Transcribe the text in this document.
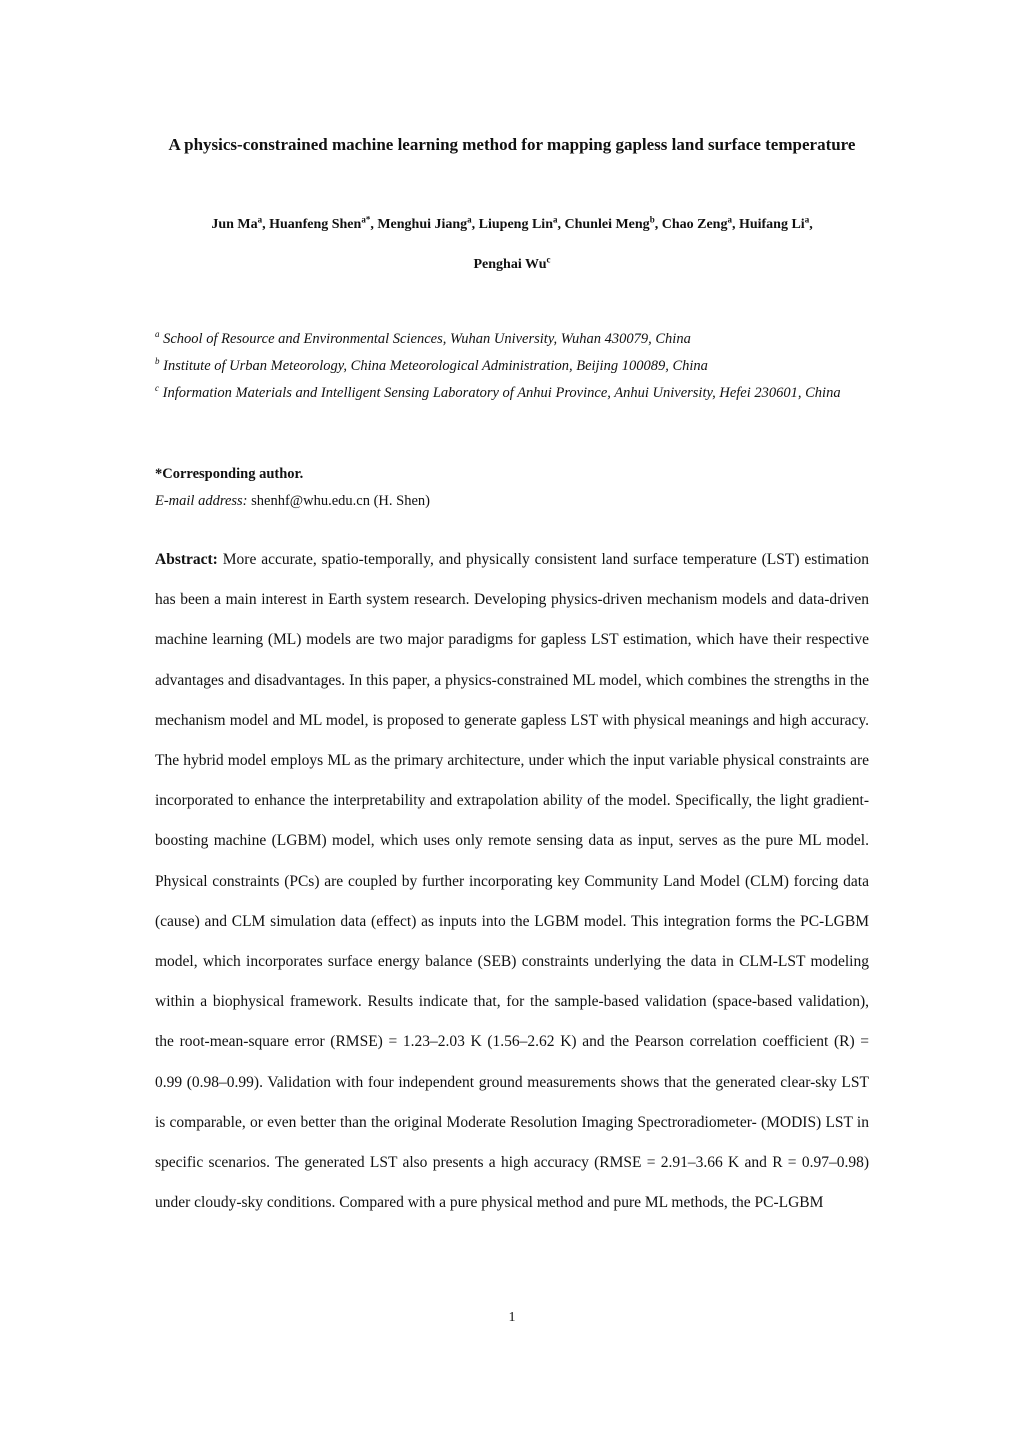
A physics-constrained machine learning method for mapping gapless land surface temperature
Jun Ma$^a$, Huanfeng Shen$^{a*}$, Menghui Jiang$^a$, Liupeng Lin$^a$, Chunlei Meng$^b$, Chao Zeng$^a$, Huifang Li$^a$,
Penghai Wu$^c$

$^a$ School of Resource and Environmental Sciences, Wuhan University, Wuhan 430079, China

$^b$ Institute of Urban Meteorology, China Meteorological Administration, Beijing 100089, China

$^c$ Information Materials and Intelligent Sensing Laboratory of Anhui Province, Anhui University, Hefei 230601, China

*Corresponding author.
E-mail address: shenhf@whu.edu.cn (H. Shen)

Abstract: More accurate, spatio-temporally, and physically consistent land surface temperature (LST) estimation has been a main interest in Earth system research. Developing physics-driven mechanism models and data-driven machine learning (ML) models are two major paradigms for gapless LST estimation, which have their respective advantages and disadvantages. In this paper, a physics-constrained ML model, which combines the strengths in the mechanism model and ML model, is proposed to generate gapless LST with physical meanings and high accuracy. The hybrid model employs ML as the primary architecture, under which the input variable physical constraints are incorporated to enhance the interpretability and extrapolation ability of the model. Specifically, the light gradient-boosting machine (LGBM) model, which uses only remote sensing data as input, serves as the pure ML model. Physical constraints (PCs) are coupled by further incorporating key Community Land Model (CLM) forcing data (cause) and CLM simulation data (effect) as inputs into the LGBM model. This integration forms the PC-LGBM model, which incorporates surface energy balance (SEB) constraints underlying the data in CLM-LST modeling within a biophysical framework. Results indicate that, for the sample-based validation (space-based validation), the root-mean-square error (RMSE) = 1.23–2.03 K (1.56–2.62 K) and the Pearson correlation coefficient (R) = 0.99 (0.98–0.99). Validation with four independent ground measurements shows that the generated clear-sky LST is comparable, or even better than the original Moderate Resolution Imaging Spectroradiometer- (MODIS) LST in specific scenarios. The generated LST also presents a high accuracy (RMSE = 2.91–3.66 K and R = 0.97–0.98) under cloudy-sky conditions. Compared with a pure physical method and pure ML methods, the PC-LGBM

1
